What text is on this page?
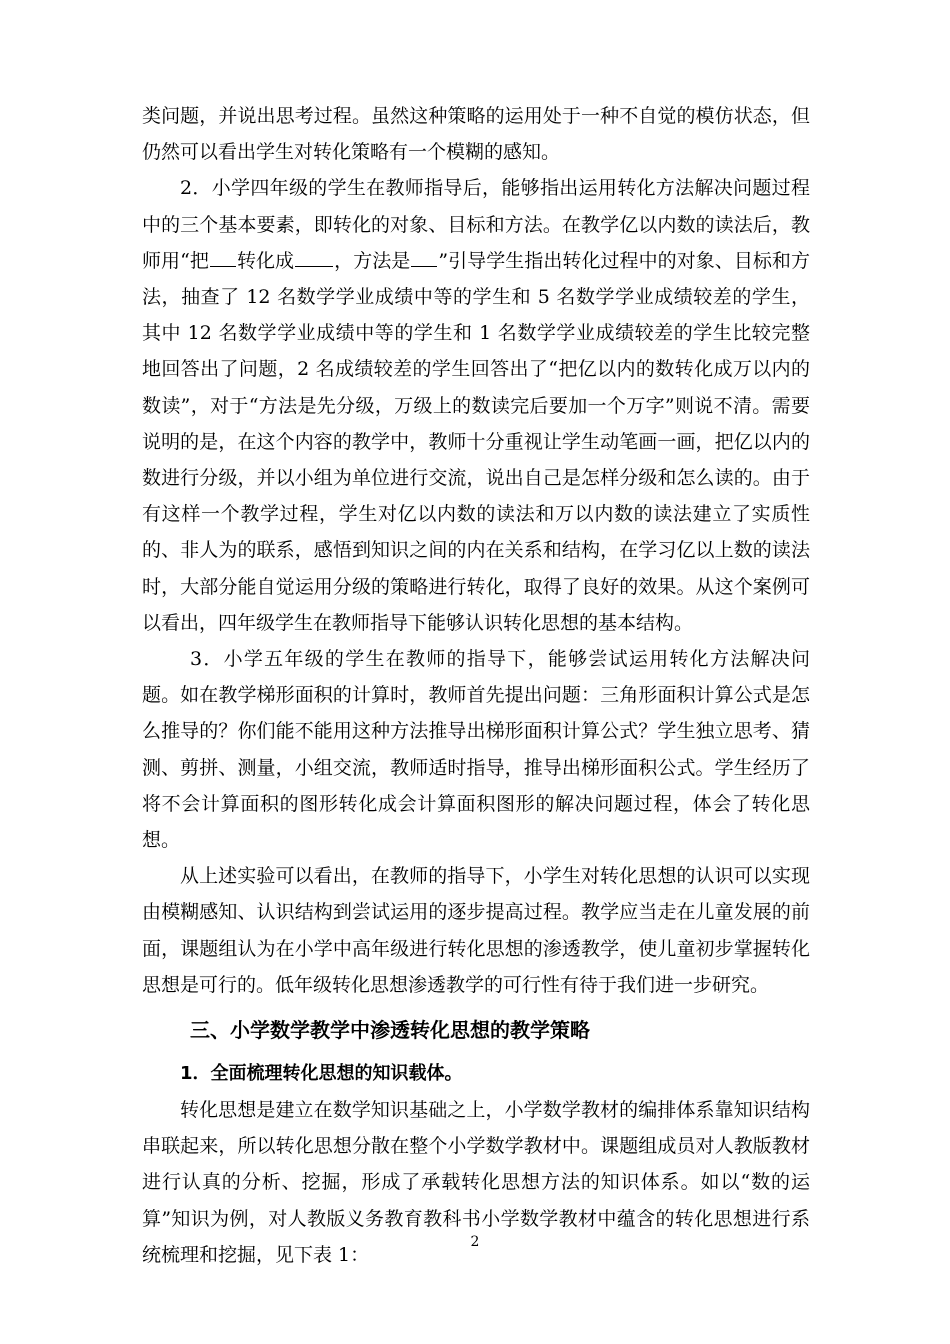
类问题，并说出思考过程。虽然这种策略的运用处于一种不自觉的模仿状态，但仍然可以看出学生对转化策略有一个模糊的感知。

2．小学四年级的学生在教师指导后，能够指出运用转化方法解决问题过程中的三个基本要素，即转化的对象、目标和方法。在教学亿以内数的读法后，教师用“把 转化成 ，方法是 ”引导学生指出转化过程中的对象、目标和方法，抽查了 12 名数学学业成绩中等的学生和 5 名数学学业成绩较差的学生，其中 12 名数学学业成绩中等的学生和 1 名数学学业成绩较差的学生比较完整地回答出了问题，2 名成绩较差的学生回答出了“把亿以内的数转化成万以内的数读”，对于“方法是先分级，万级上的数读完后要加一个万字”则说不清。需要说明的是，在这个内容的教学中，教师十分重视让学生动笔画一画，把亿以内的数进行分级，并以小组为单位进行交流，说出自己是怎样分级和怎么读的。由于有这样一个教学过程，学生对亿以内数的读法和万以内数的读法建立了实质性的、非人为的联系，感悟到知识之间的内在关系和结构，在学习亿以上数的读法时，大部分能自觉运用分级的策略进行转化，取得了良好的效果。从这个案例可以看出，四年级学生在教师指导下能够认识转化思想的基本结构。

3．小学五年级的学生在教师的指导下，能够尝试运用转化方法解决问题。如在教学梯形面积的计算时，教师首先提出问题：三角形面积计算公式是怎么推导的？你们能不能用这种方法推导出梯形面积计算公式？学生独立思考、猜测、剪拼、测量，小组交流，教师适时指导，推导出梯形面积公式。学生经历了将不会计算面积的图形转化成会计算面积图形的解决问题过程，体会了转化思想。

从上述实验可以看出，在教师的指导下，小学生对转化思想的认识可以实现由模糊感知、认识结构到尝试运用的逐步提高过程。教学应当走在儿童发展的前面，课题组认为在小学中高年级进行转化思想的渗透教学，使儿童初步掌握转化思想是可行的。低年级转化思想渗透教学的可行性有待于我们进一步研究。

三、小学数学教学中渗透转化思想的教学策略
1．全面梳理转化思想的知识载体。

转化思想是建立在数学知识基础之上，小学数学教材的编排体系靠知识结构串联起来，所以转化思想分散在整个小学数学教材中。课题组成员对人教版教材进行认真的分析、挖掘，形成了承载转化思想方法的知识体系。如以“数的运算”知识为例，对人教版义务教育教科书小学数学教材中蕴含的转化思想进行系统梳理和挖掘，见下表 1：

2
